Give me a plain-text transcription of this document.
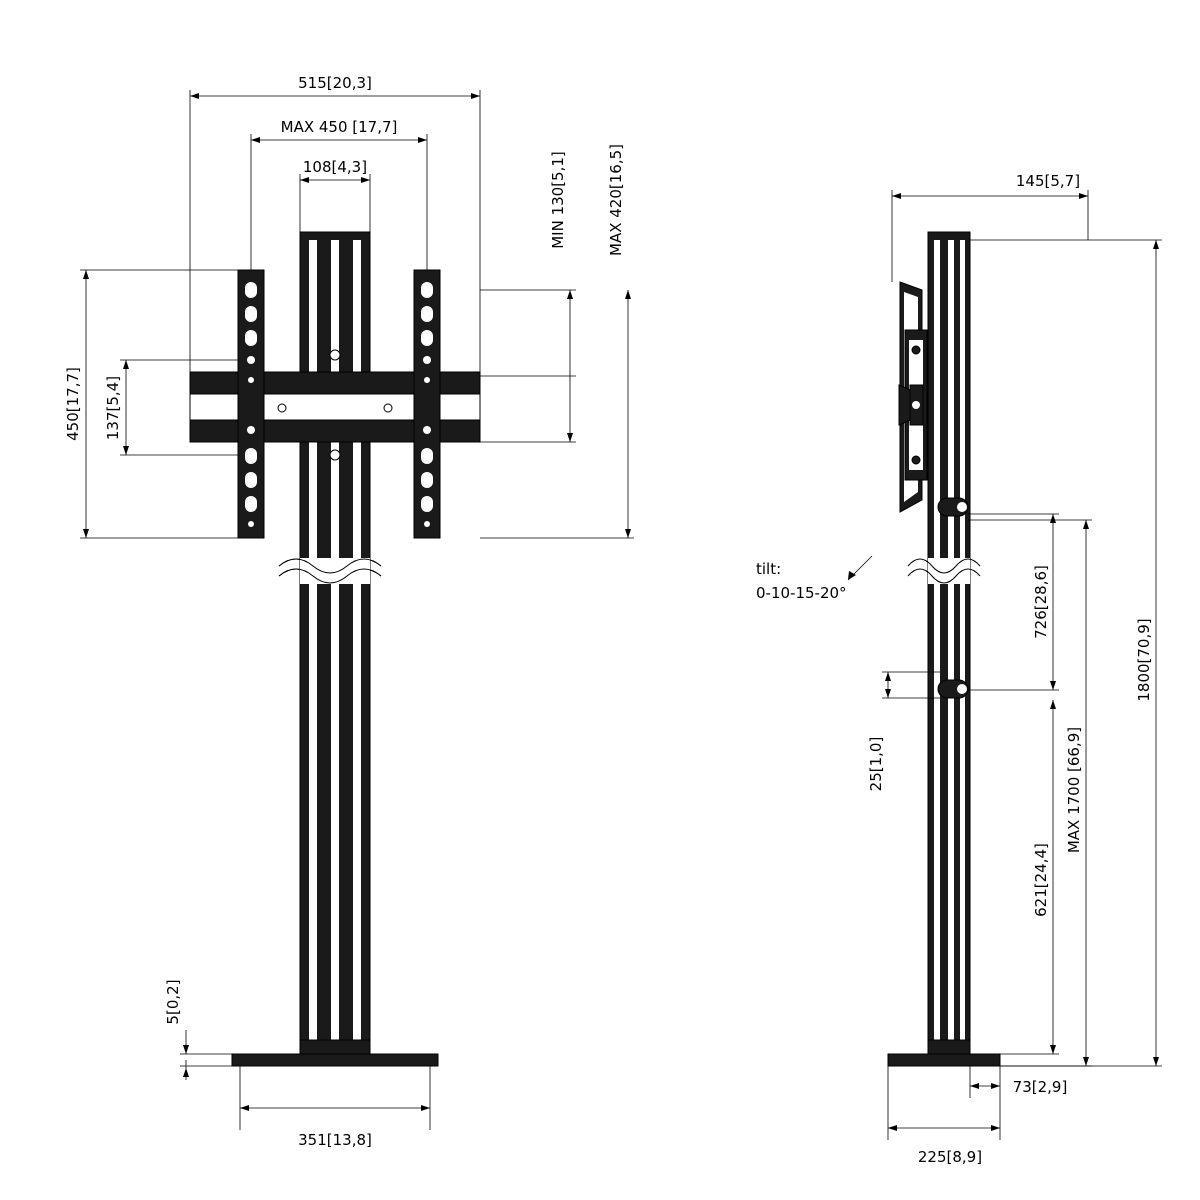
515[20,3]
MAX 450 [17,7]
108[4,3]
450[17,7] 137[5,4]
MIN 130[5,1]	MAX 420[16,5]
5[0,2]
351[13,8]
145[5,7]
726[28,6]
621[24,4]
MAX 1700 [66,9]
1800[70,9]
25[1,0]
73[2,9]
225[8,9]
tilt:
0-10-15-20°
